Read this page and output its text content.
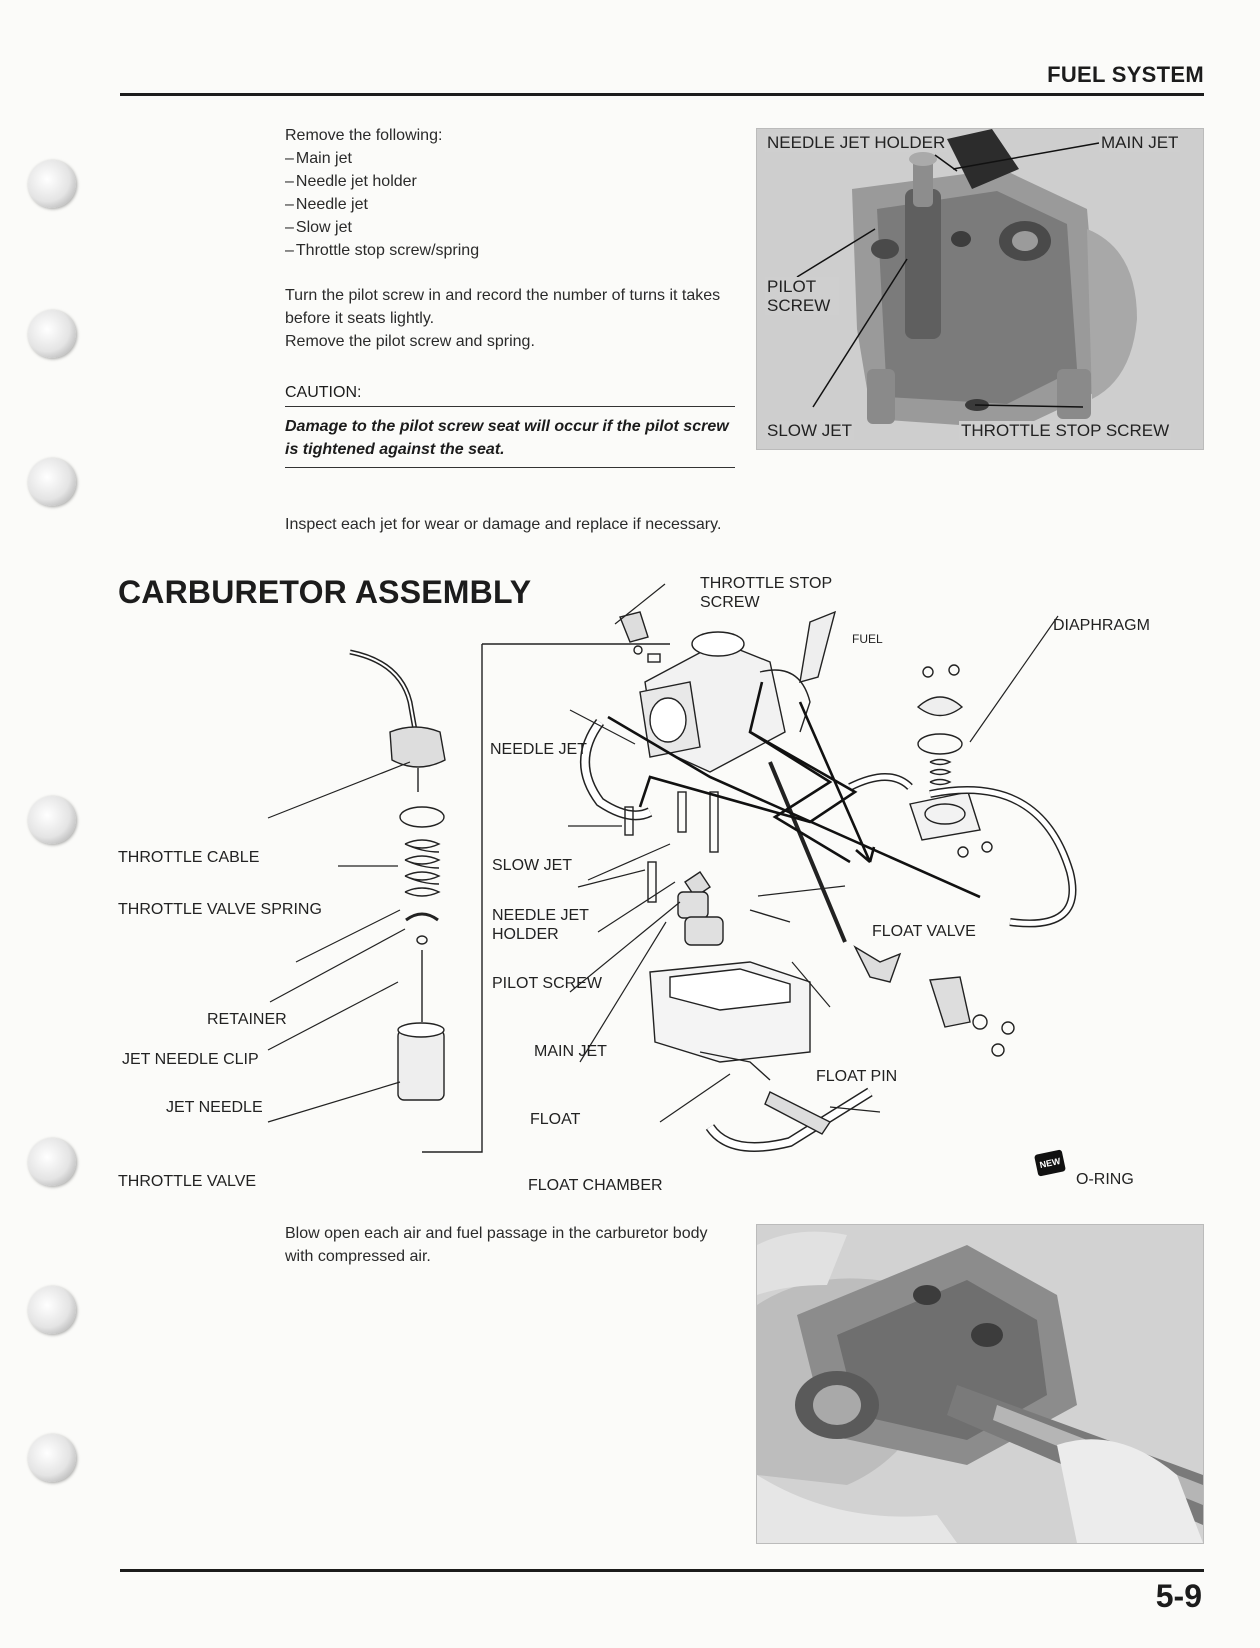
FUEL SYSTEM
Remove the following:
– Main jet
– Needle jet holder
– Needle jet
– Slow jet
– Throttle stop screw/spring
Turn the pilot screw in and record the number of turns it takes before it seats lightly.
Remove the pilot screw and spring.
CAUTION:
Damage to the pilot screw seat will occur if the pilot screw is tightened against the seat.
Inspect each jet for wear or damage and replace if necessary.
NEEDLE JET HOLDER	MAIN JET
PILOT SCREW
SLOW JET	THROTTLE STOP SCREW
CARBURETOR ASSEMBLY	THROTTLE STOP SCREW
FUEL
DIAPHRAGM
NEEDLE JET
THROTTLE CABLE	SLOW JET
THROTTLE VALVE SPRING	NEEDLE JET HOLDER	FLOAT VALVE
PILOT SCREW
RETAINER
MAIN JET
JET NEEDLE CLIP
FLOAT PIN
JET NEEDLE
FLOAT
THROTTLE VALVE	FLOAT CHAMBER
NEW
O-RING
Blow open each air and fuel passage in the carburetor body with compressed air.
5-9
